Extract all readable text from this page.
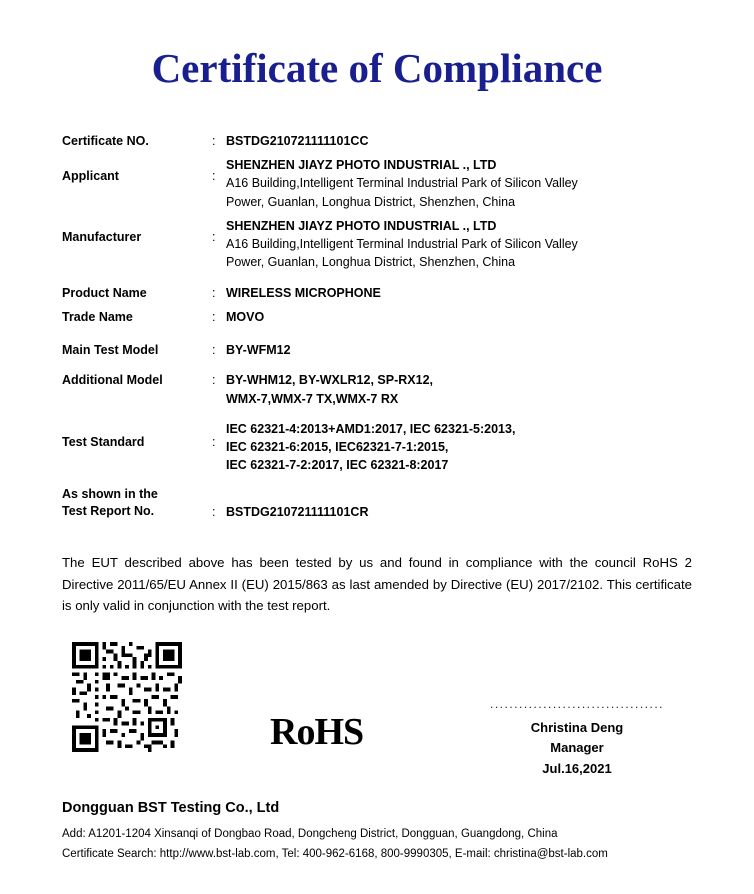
Certificate of Compliance
Certificate NO.	:	BSTDG210721111101CC
Applicant	:	SHENZHEN JIAYZ PHOTO INDUSTRIAL ., LTD
A16 Building,Intelligent Terminal Industrial Park of Silicon Valley
Power, Guanlan, Longhua District, Shenzhen, China

Manufacturer	:	SHENZHEN JIAYZ PHOTO INDUSTRIAL ., LTD
A16 Building,Intelligent Terminal Industrial Park of Silicon Valley
Power, Guanlan, Longhua District, Shenzhen, China

Product Name	:	WIRELESS MICROPHONE
Trade Name	:	MOVO
Main Test Model	:	BY-WFM12
Additional Model	:	BY-WHM12, BY-WXLR12, SP-RX12,
WMX-7,WMX-7 TX,WMX-7 RX

Test Standard	:	IEC 62321-4:2013+AMD1:2017, IEC 62321-5:2013,
IEC 62321-6:2015, IEC62321-7-1:2015,
IEC 62321-7-2:2017, IEC 62321-8:2017

As shown in the
Test Report No.	:	BSTDG210721111101CR

The EUT described above has been tested by us and found in compliance with the council RoHS 2 Directive 2011/65/EU Annex II (EU) 2015/863 as last amended by Directive (EU) 2017/2102. This certificate is only valid in conjunction with the test report.

RoHS
....................................
Christina Deng
Manager
Jul.16,2021
Dongguan BST Testing Co., Ltd
Add: A1201-1204 Xinsanqi of Dongbao Road, Dongcheng District, Dongguan, Guangdong, China
Certificate Search: http://www.bst-lab.com, Tel: 400-962-6168, 800-9990305, E-mail: christina@bst-lab.com
